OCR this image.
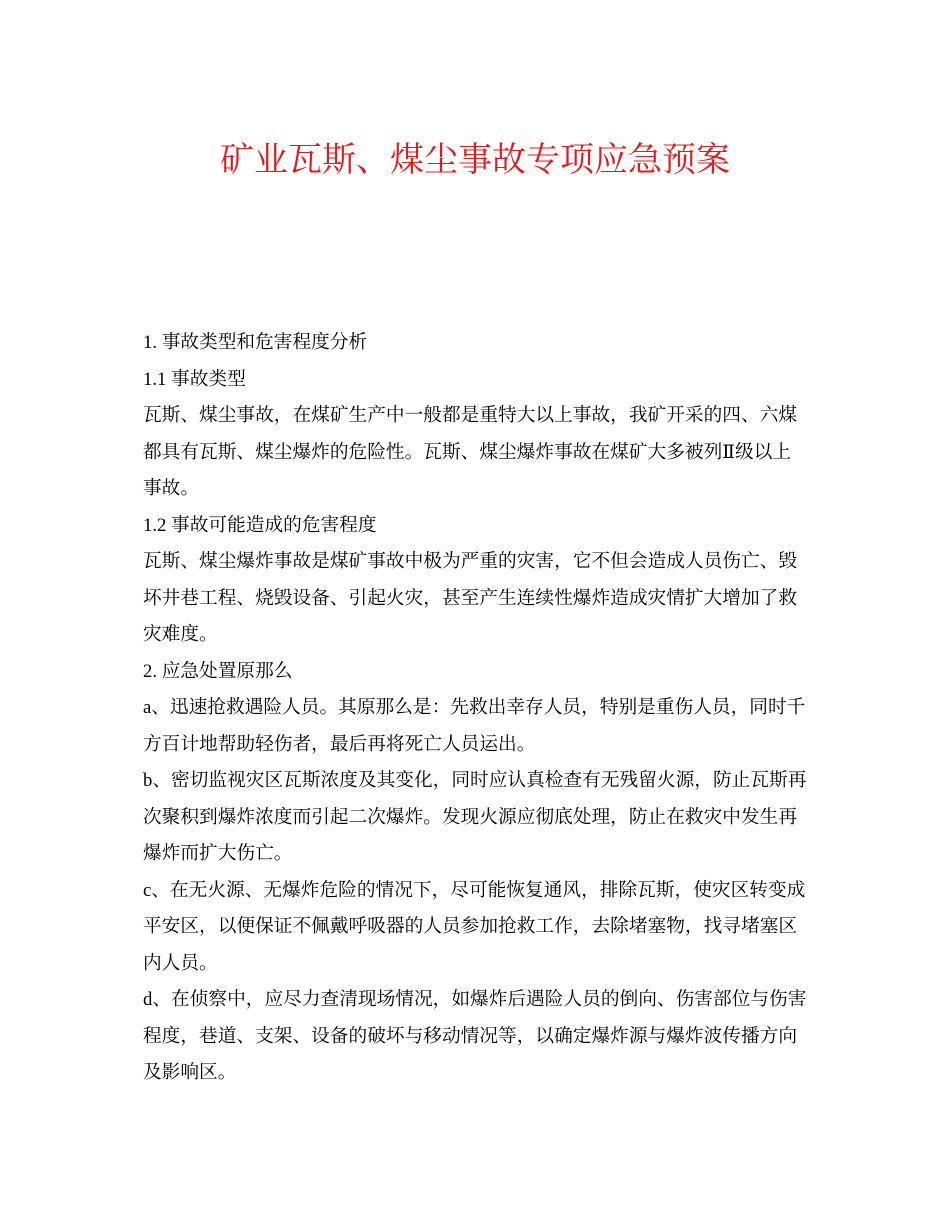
矿业瓦斯、煤尘事故专项应急预案
1. 事故类型和危害程度分析
1.1 事故类型
瓦斯、煤尘事故，在煤矿生产中一般都是重特大以上事故，我矿开采的四、六煤
都具有瓦斯、煤尘爆炸的危险性。瓦斯、煤尘爆炸事故在煤矿大多被列Ⅱ级以上
事故。
1.2 事故可能造成的危害程度
瓦斯、煤尘爆炸事故是煤矿事故中极为严重的灾害，它不但会造成人员伤亡、毁
坏井巷工程、烧毁设备、引起火灾，甚至产生连续性爆炸造成灾情扩大增加了救
灾难度。
2. 应急处置原那么
a、迅速抢救遇险人员。其原那么是：先救出幸存人员，特别是重伤人员，同时千
方百计地帮助轻伤者，最后再将死亡人员运出。
b、密切监视灾区瓦斯浓度及其变化，同时应认真检查有无残留火源，防止瓦斯再
次聚积到爆炸浓度而引起二次爆炸。发现火源应彻底处理，防止在救灾中发生再
爆炸而扩大伤亡。
c、在无火源、无爆炸危险的情况下，尽可能恢复通风，排除瓦斯，使灾区转变成
平安区，以便保证不佩戴呼吸器的人员参加抢救工作，去除堵塞物，找寻堵塞区
内人员。
d、在侦察中，应尽力查清现场情况，如爆炸后遇险人员的倒向、伤害部位与伤害
程度，巷道、支架、设备的破坏与移动情况等，以确定爆炸源与爆炸波传播方向
及影响区。
